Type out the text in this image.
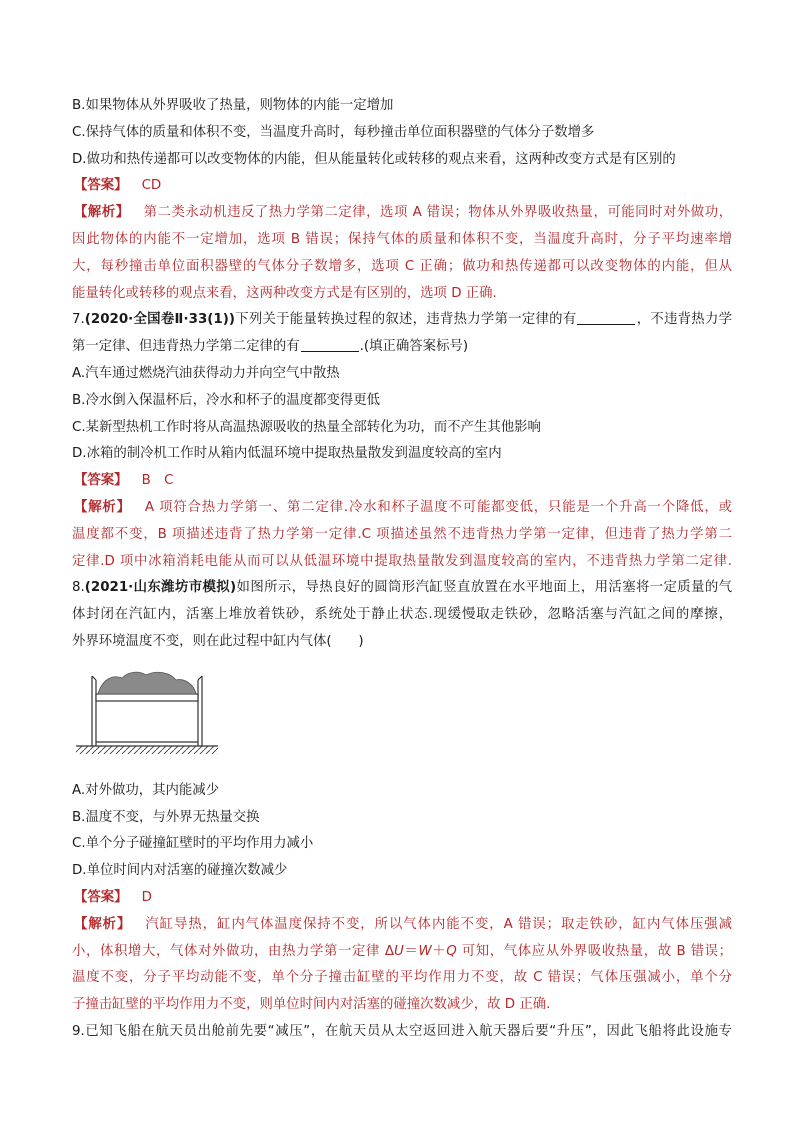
B.如果物体从外界吸收了热量，则物体的内能一定增加
C.保持气体的质量和体积不变，当温度升高时，每秒撞击单位面积器壁的气体分子数增多
D.做功和热传递都可以改变物体的内能，但从能量转化或转移的观点来看，这两种改变方式是有区别的
【答案】 CD
【解析】 第二类永动机违反了热力学第二定律，选项 A 错误；物体从外界吸收热量，可能同时对外做功，
因此物体的内能不一定增加，选项 B 错误；保持气体的质量和体积不变，当温度升高时，分子平均速率增
大，每秒撞击单位面积器壁的气体分子数增多，选项 C 正确；做功和热传递都可以改变物体的内能，但从
能量转化或转移的观点来看，这两种改变方式是有区别的，选项 D 正确.
7.(2020·全国卷Ⅱ·33(1))下列关于能量转换过程的叙述，违背热力学第一定律的有	，不违背热力学
第一定律、但违背热力学第二定律的有	.(填正确答案标号)
A.汽车通过燃烧汽油获得动力并向空气中散热
B.冷水倒入保温杯后，冷水和杯子的温度都变得更低
C.某新型热机工作时将从高温热源吸收的热量全部转化为功，而不产生其他影响
D.冰箱的制冷机工作时从箱内低温环境中提取热量散发到温度较高的室内
【答案】 B　C
【解析】 A 项符合热力学第一、第二定律.冷水和杯子温度不可能都变低，只能是一个升高一个降低，或
温度都不变，B 项描述违背了热力学第一定律.C 项描述虽然不违背热力学第一定律，但违背了热力学第二
定律.D 项中冰箱消耗电能从而可以从低温环境中提取热量散发到温度较高的室内，不违背热力学第二定律.
8.(2021·山东潍坊市模拟)如图所示，导热良好的圆筒形汽缸竖直放置在水平地面上，用活塞将一定质量的气
体封闭在汽缸内，活塞上堆放着铁砂，系统处于静止状态.现缓慢取走铁砂，忽略活塞与汽缸之间的摩擦，
外界环境温度不变，则在此过程中缸内气体(　　)
A.对外做功，其内能减少
B.温度不变，与外界无热量交换
C.单个分子碰撞缸壁时的平均作用力减小
D.单位时间内对活塞的碰撞次数减少
【答案】 D
【解析】 汽缸导热，缸内气体温度保持不变，所以气体内能不变，A 错误；取走铁砂，缸内气体压强减
小，体积增大，气体对外做功，由热力学第一定律 ΔU＝W＋Q 可知，气体应从外界吸收热量，故 B 错误；
温度不变，分子平均动能不变，单个分子撞击缸壁的平均作用力不变，故 C 错误；气体压强减小，单个分
子撞击缸壁的平均作用力不变，则单位时间内对活塞的碰撞次数减少，故 D 正确.
9.已知飞船在航天员出舱前先要“减压”，在航天员从太空返回进入航天器后要“升压”，因此飞船将此设施专
